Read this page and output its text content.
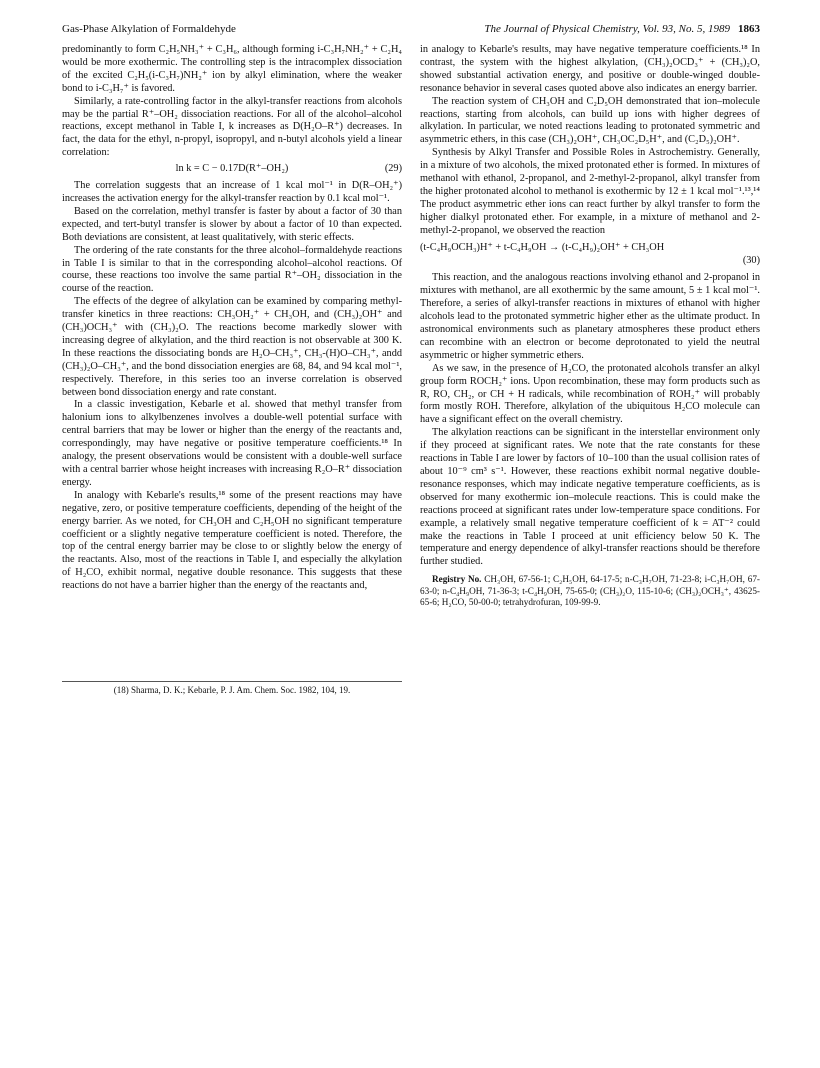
Gas-Phase Alkylation of Formaldehyde	The Journal of Physical Chemistry, Vol. 93, No. 5, 1989 1863

predominantly to form C₂H₅NH₃⁺ + C₃H₆, although forming i-C₃H₇NH₂⁺ + C₂H₄ would be more exothermic. The controlling step is the intracomplex dissociation of the excited C₂H₅(i-C₃H₇)NH₂⁺ ion by alkyl elimination, where the weaker bond to i-C₃H₇⁺ is favored.

Similarly, a rate-controlling factor in the alkyl-transfer reactions from alcohols may be the partial R⁺–OH₂ dissociation reactions. For all of the alcohol–alcohol reactions, except methanol in Table I, k increases as D(H₂O–R⁺) decreases. In fact, the data for the ethyl, n-propyl, isopropyl, and n-butyl alcohols yield a linear correlation:

ln k = C − 0.17D(R⁺–OH₂)	(29)

The correlation suggests that an increase of 1 kcal mol⁻¹ in D(R–OH₂⁺) increases the activation energy for the alkyl-transfer reaction by 0.1 kcal mol⁻¹.

Based on the correlation, methyl transfer is faster by about a factor of 30 than expected, and tert-butyl transfer is slower by about a factor of 10 than expected. Both deviations are consistent, at least qualitatively, with steric effects.

The ordering of the rate constants for the three alcohol–formaldehyde reactions in Table I is similar to that in the corresponding alcohol–alcohol reactions. Of course, these reactions too involve the same partial R⁺–OH₂ dissociation in the course of the reaction.

The effects of the degree of alkylation can be examined by comparing methyl-transfer kinetics in three reactions: CH₃OH₂⁺ + CH₃OH, and (CH₃)₂OH⁺ and (CH₃)OCH₃⁺ with (CH₃)₂O. The reactions become markedly slower with increasing degree of alkylation, and the third reaction is not observable at 300 K. In these reactions the dissociating bonds are H₂O–CH₃⁺, CH₃-(H)O–CH₃⁺, andd (CH₃)₂O–CH₃⁺, and the bond dissociation energies are 68, 84, and 94 kcal mol⁻¹, respectively. Therefore, in this series too an inverse correlation is observed between bond dissociation energy and rate constant.

In a classic investigation, Kebarle et al. showed that methyl transfer from halonium ions to alkylbenzenes involves a double-well potential surface with central barriers that may be lower or higher than the energy of the reactants and, correspondingly, may have negative or positive temperature coefficients.¹⁸ In analogy, the present observations would be consistent with a double-well surface with a central barrier whose height increases with increasing R₂O–R⁺ dissociation energy.

In analogy with Kebarle's results,¹⁸ some of the present reactions may have negative, zero, or positive temperature coefficients, depending of the height of the energy barrier. As we noted, for CH₃OH and C₂H₅OH no significant temperature coefficient or a slightly negative temperature coefficient is noted. Therefore, the top of the central energy barrier may be close to or slightly below the energy of the reactants. Also, most of the reactions in Table I, and especially the alkylation of H₂CO, exhibit normal, negative double resonance. This suggests that these reactions do not have a barrier higher than the energy of the reactants and,

(18) Sharma, D. K.; Kebarle, P. J. Am. Chem. Soc. 1982, 104, 19.

in analogy to Kebarle's results, may have negative temperature coefficients.¹⁸ In contrast, the system with the highest alkylation, (CH₃)₂OCD₃⁺ + (CH₃)₂O, showed substantial activation energy, and positive or double-winged double-resonance behavior in several cases quoted above also indicates an energy barrier.

The reaction system of CH₃OH and C₂D₅OH demonstrated that ion–molecule reactions, starting from alcohols, can build up ions with higher degrees of alkylation. In particular, we noted reactions leading to protonated symmetric and asymmetric ethers, in this case (CH₃)₂OH⁺, CH₃OC₂D₅H⁺, and (C₂D₅)₂OH⁺.

Synthesis by Alkyl Transfer and Possible Roles in Astrochemistry. Generally, in a mixture of two alcohols, the mixed protonated ether is formed. In mixtures of methanol with ethanol, 2-propanol, and 2-methyl-2-propanol, alkyl transfer from the higher protonated alcohol to methanol is exothermic by 12 ± 1 kcal mol⁻¹.¹³,¹⁴ The product asymmetric ether ions can react further by alkyl transfer to form the higher dialkyl protonated ether. For example, in a mixture of methanol and 2-methyl-2-propanol, we observed the reaction

(t-C₄H₉OCH₃)H⁺ + t-C₄H₉OH → (t-C₄H₉)₂OH⁺ + CH₃OH
(30)

This reaction, and the analogous reactions involving ethanol and 2-propanol in mixtures with methanol, are all exothermic by the same amount, 5 ± 1 kcal mol⁻¹. Therefore, a series of alkyl-transfer reactions in mixtures of ethanol with higher alcohols lead to the protonated symmetric higher ether as the ultimate product. In astronomical environments such as planetary atmospheres these product ethers can recombine with an electron or become deprotonated to yield the neutral asymmetric or higher symmetric ethers.

As we saw, in the presence of H₂CO, the protonated alcohols transfer an alkyl group form ROCH₂⁺ ions. Upon recombination, these may form products such as R, RO, CH₂, or CH + H radicals, while recombination of ROH₂⁺ will probably form mostly ROH. Therefore, alkylation of the ubiquitous H₂CO molecule can have a significant effect on the overall chemistry.

The alkylation reactions can be significant in the interstellar environment only if they proceed at significant rates. We note that the rate constants for these reactions in Table I are lower by factors of 10–100 than the usual collision rates of about 10⁻⁹ cm³ s⁻¹. However, these reactions exhibit normal negative double-resonance responses, which may indicate negative temperature coefficients, as is observed for many exothermic ion–molecule reactions. This is could make the reactions proceed at significant rates under low-temperature space conditions. For example, a relatively small negative temperature coefficient of k = AT⁻² could make the reactions in Table I proceed at unit efficiency below 50 K. The temperature and energy dependence of alkyl-transfer reactions should be therefore further studied.

Registry No. CH₃OH, 67-56-1; C₂H₅OH, 64-17-5; n-C₃H₇OH, 71-23-8; i-C₃H₇OH, 67-63-0; n-C₄H₉OH, 71-36-3; t-C₄H₉OH, 75-65-0; (CH₃)₂O, 115-10-6; (CH₃)₂OCH₃⁺, 43625-65-6; H₂CO, 50-00-0; tetrahydrofuran, 109-99-9.
